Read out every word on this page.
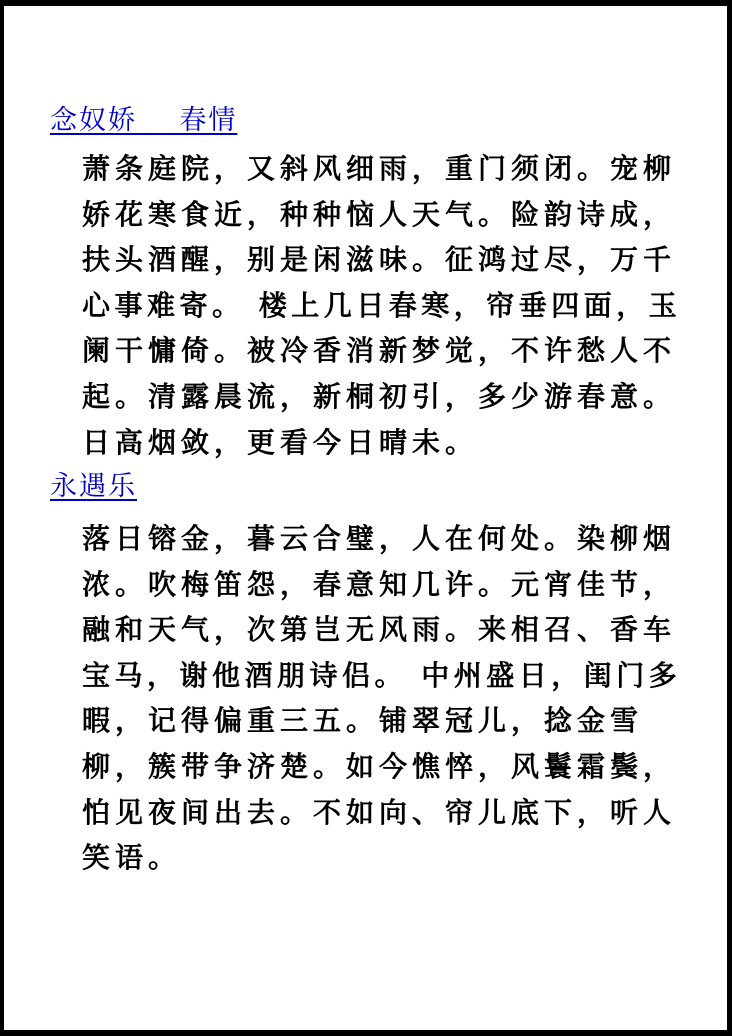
念奴娇    春情
萧条庭院，又斜风细雨，重门须闭。宠柳
娇花寒食近，种种恼人天气。险韵诗成，
扶头酒醒，别是闲滋味。征鸿过尽，万千
心事难寄。 楼上几日春寒，帘垂四面，玉
阑干慵倚。被冷香消新梦觉，不许愁人不
起。清露晨流，新桐初引，多少游春意。
日高烟敛，更看今日晴未。
永遇乐
落日镕金，暮云合璧，人在何处。染柳烟
浓。吹梅笛怨，春意知几许。元宵佳节，
融和天气，次第岂无风雨。来相召、香车
宝马，谢他酒朋诗侣。 中州盛日，闺门多
暇，记得偏重三五。铺翠冠儿，捻金雪
柳，簇带争济楚。如今憔悴，风鬟霜鬓，
怕见夜间出去。不如向、帘儿底下，听人
笑语。
